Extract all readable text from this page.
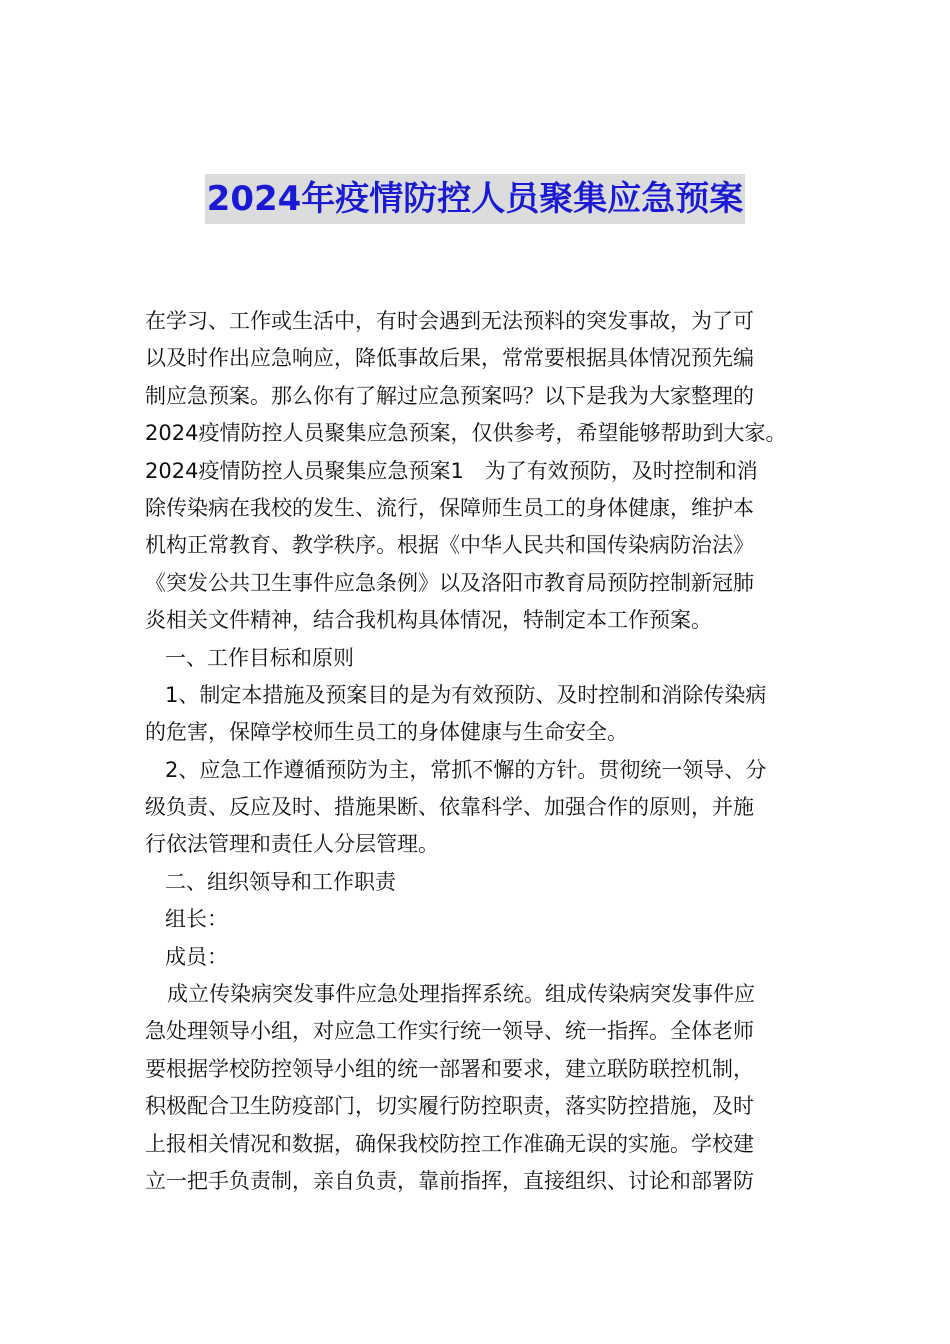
2024年疫情防控人员聚集应急预案
在学习、工作或生活中，有时会遇到无法预料的突发事故，为了可
以及时作出应急响应，降低事故后果，常常要根据具体情况预先编
制应急预案。那么你有了解过应急预案吗？以下是我为大家整理的
2024疫情防控人员聚集应急预案，仅供参考，希望能够帮助到大家。
2024疫情防控人员聚集应急预案1　为了有效预防，及时控制和消
除传染病在我校的发生、流行，保障师生员工的身体健康，维护本
机构正常教育、教学秩序。根据《中华人民共和国传染病防治法》
《突发公共卫生事件应急条例》以及洛阳市教育局预防控制新冠肺
炎相关文件精神，结合我机构具体情况，特制定本工作预案。
一、工作目标和原则
1、制定本措施及预案目的是为有效预防、及时控制和消除传染病
的危害，保障学校师生员工的身体健康与生命安全。
2、应急工作遵循预防为主，常抓不懈的方针。贯彻统一领导、分
级负责、反应及时、措施果断、依靠科学、加强合作的原则，并施
行依法管理和责任人分层管理。
二、组织领导和工作职责
组长：
成员：
成立传染病突发事件应急处理指挥系统。组成传染病突发事件应
急处理领导小组，对应急工作实行统一领导、统一指挥。全体老师
要根据学校防控领导小组的统一部署和要求，建立联防联控机制，
积极配合卫生防疫部门，切实履行防控职责，落实防控措施，及时
上报相关情况和数据，确保我校防控工作准确无误的实施。学校建
立一把手负责制，亲自负责，靠前指挥，直接组织、讨论和部署防
